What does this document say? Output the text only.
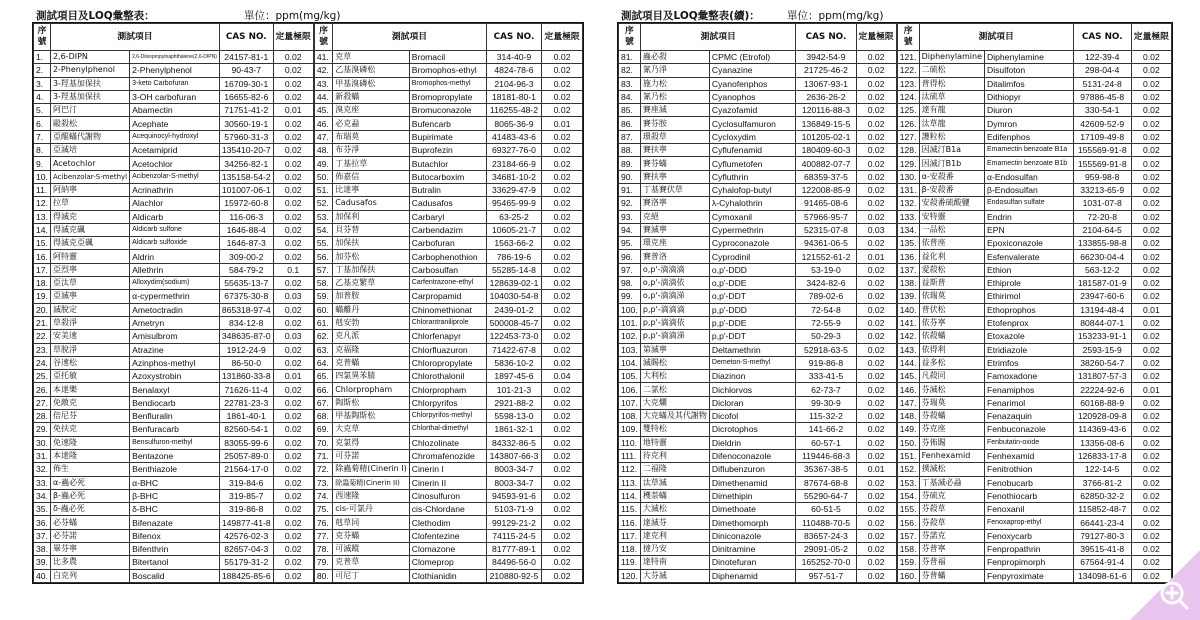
測試項目及LOQ彙整表：	單位：ppm(mg/kg)
序號	測試項目		CAS NO.	定量極限
1.	2,6-DIPN	2,6-Diisopropylnaphthalene(2,6-DIPN)	24157-81-1	0.02
2.	2-Phenylphenol	2-Phenylphenol	90-43-7	0.02
3.	3-羥基加保扶	3-keto Carbofuran	16709-30-1	0.02
4.	3-羥基加保扶	3-OH carbofuran	16655-82-6	0.02
5.	阿巴汀	Abamectin	71751-41-2	0.01
6.	毆殺松	Acephate	30560-19-1	0.02
7.	亞醌蟎代謝物	Acequinocyl-hydroxyl	57960-31-3	0.02
8.	亞滅培	Acetamiprid	135410-20-7	0.02
9.	Acetochlor	Acetochlor	34256-82-1	0.02
10.	Acibenzolar-S-methyl	Acibenzolar-S-methyl	135158-54-2	0.02
11.	阿納寧	Acrinathrin	101007-06-1	0.02
12.	拉草	Alachlor	15972-60-8	0.02
13.	得滅克	Aldicarb	116-06-3	0.02
14.	得滅克碸	Aldicarb sulfone	1646-88-4	0.02
15.	得滅克亞碸	Aldicarb sulfoxide	1646-87-3	0.02
16.	阿特靈	Aldrin	309-00-2	0.02
17.	亞烈寧	Allethrin	584-79-2	0.1
18.	亞汰草	Alloxydim(sodium)	55635-13-7	0.02
19.	亞滅寧	α-cypermethrin	67375-30-8	0.03
20.	滅脫定	Ametoctradin	865318-97-4	0.02
21.	草殺淨	Ametryn	834-12-8	0.02
22.	安美速	Amisulbrom	348635-87-0	0.03
23.	草脫淨	Atrazine	1912-24-9	0.02
24.	谷速松	Azinphos-methyl	86-50-0	0.02
25.	亞托敏	Azoxystrobin	131860-33-8	0.01
26.	本達樂	Benalaxyl	71626-11-4	0.02
27.	免敵克	Bendiocarb	22781-23-3	0.02
28.	倍尼芬	Benfluralin	1861-40-1	0.02
29.	免扶克	Benfuracarb	82560-54-1	0.02
30.	免速隆	Bensulfuron-methyl	83055-99-6	0.02
31.	本達隆	Bentazone	25057-89-0	0.02
32.	佈生	Benthiazole	21564-17-0	0.02
33.	α-蟲必死	α-BHC	319-84-6	0.02
34.	β-蟲必死	β-BHC	319-85-7	0.02
35.	δ-蟲必死	δ-BHC	319-86-8	0.02
36.	必芬蟎	Bifenazate	149877-41-8	0.02
37.	必芬諾	Bifenox	42576-02-3	0.02
38.	畢芬寧	Bifenthrin	82657-04-3	0.02
39.	比多農	Bitertanol	55179-31-2	0.02
40.	白克列	Boscalid	188425-85-6	0.02
序號	測試項目		CAS NO.	定量極限
41.	克草	Bromacil	314-40-9	0.02
42.	乙基溴磷松	Bromophos-ethyl	4824-78-6	0.02
43.	甲基溴磷松	Bromophos-methyl	2104-96-3	0.02
44.	新殺蟎	Bromopropylate	18181-80-1	0.02
45.	溴克座	Bromuconazole	116255-48-2	0.02
46.	必克蝨	Bufencarb	8065-36-9	0.01
47.	布瑞莫	Bupirimate	41483-43-6	0.02
48.	布芬淨	Buprofezin	69327-76-0	0.02
49.	丁基拉草	Butachlor	23184-66-9	0.02
50.	佈嘉信	Butocarboxim	34681-10-2	0.02
51.	比達寧	Butralin	33629-47-9	0.02
52.	Cadusafos	Cadusafos	95465-99-9	0.02
53.	加保利	Carbaryl	63-25-2	0.02
54.	貝芬替	Carbendazim	10605-21-7	0.02
55.	加保扶	Carbofuran	1563-66-2	0.02
56.	加芬松	Carbophenothion	786-19-6	0.02
57.	丁基加保扶	Carbosulfan	55285-14-8	0.02
58.	乙基克繁草	Carfentrazone-ethyl	128639-02-1	0.02
59.	加普胺	Carpropamid	104030-54-8	0.02
60.	蟎離丹	Chinomethionat	2439-01-2	0.02
61.	剋安勃	Chlorantraniliprole	500008-45-7	0.02
62.	克凡派	Chlorfenapyr	122453-73-0	0.02
63.	克福隆	Chlorfluazuron	71422-67-8	0.02
64.	克普蟎	Chloropropylate	5836-10-2	0.02
65.	四氯異苯腈	Chlorothalonil	1897-45-6	0.04
66.	Chlorpropham	Chlorpropham	101-21-3	0.02
67.	陶斯松	Chlorpyrifos	2921-88-2	0.02
68.	甲基陶斯松	Chlorpyrifos-methyl	5598-13-0	0.02
69.	大克草	Chlorthal-dimethyl	1861-32-1	0.02
70.	克氯得	Chlozolinate	84332-86-5	0.02
71.	可芬諾	Chromafenozide	143807-66-3	0.02
72.	除蟲菊精(Cinerin I)	Cinerin I	8003-34-7	0.02
73.	除蟲菊精(Cinerin II)	Cinerin II	8003-34-7	0.02
74.	西速隆	Cinosulfuron	94593-91-6	0.02
75.	cis-可氯丹	cis-Chlordane	5103-71-9	0.02
76.	剋草同	Clethodim	99129-21-2	0.02
77.	克芬蟎	Clofentezine	74115-24-5	0.02
78.	可滅蹤	Clomazone	81777-89-1	0.02
79.	克普草	Clomeprop	84496-56-0	0.02
80.	可尼丁	Clothianidin	210880-92-5	0.02
測試項目及LOQ彙整表(續)：	單位：ppm(mg/kg)
序號	測試項目		CAS NO.	定量極限
81.	蟲必殺	CPMC (Etrofol)	3942-54-9	0.02
82.	氰乃淨	Cyanazine	21725-46-2	0.02
83.	施力松	Cyanofenphos	13067-93-1	0.02
84.	氰乃松	Cyanophos	2636-26-2	0.02
85.	賽座滅	Cyazofamid	120116-88-3	0.02
86.	賽芬胺	Cyclosulfamuron	136849-15-5	0.02
87.	環殺草	Cycloxydim	101205-02-1	0.02
88.	賽扶寧	Cyflufenamid	180409-60-3	0.02
89.	賽芬蟎	Cyflumetofen	400882-07-7	0.02
90.	賽扶寧	Cyfluthrin	68359-37-5	0.02
91.	丁基賽伏草	Cyhalofop-butyl	122008-85-9	0.02
92.	賽洛寧	λ-Cyhalothrin	91465-08-6	0.02
93.	克絕	Cymoxanil	57966-95-7	0.02
94.	賽滅寧	Cypermethrin	52315-07-8	0.03
95.	環克座	Cyproconazole	94361-06-5	0.02
96.	賽普洛	Cyprodinil	121552-61-2	0.01
97.	o,p'-滴滴滴	o,p'-DDD	53-19-0	0.02
98.	o,p'-滴滴依	o,p'-DDE	3424-82-6	0.02
99.	o,p'-滴滴涕	o,p'-DDT	789-02-6	0.02
100.	p,p'-滴滴滴	p,p'-DDD	72-54-8	0.02
101.	p,p'-滴滴依	p,p'-DDE	72-55-9	0.02
102.	p,p'-滴滴涕	p,p'-DDT	50-29-3	0.02
103.	第滅寧	Deltamethrin	52918-63-5	0.02
104.	滅賜松	Demeton-S-methyl	919-86-8	0.02
105.	大利松	Diazinon	333-41-5	0.02
106.	二氯松	Dichlorvos	62-73-7	0.02
107.	大克爛	Dicloran	99-30-9	0.02
108.	大克蟎及其代謝物	Dicofol	115-32-2	0.02
109.	雙特松	Dicrotophos	141-66-2	0.02
110.	地特靈	Dieldrin	60-57-1	0.02
111.	待克利	Difenoconazole	119446-68-3	0.02
112.	二福隆	Diflubenzuron	35367-38-5	0.01
113.	汰草滅	Dimethenamid	87674-68-8	0.02
114.	穫萘蟎	Dimethipin	55290-64-7	0.02
115.	大滅松	Dimethoate	60-51-5	0.02
116.	達滅芬	Dimethomorph	110488-70-5	0.02
117.	達克利	Diniconazole	83657-24-3	0.02
118.	撻乃安	Dinitramine	29091-05-2	0.02
119.	達特南	Dinotefuran	165252-70-0	0.02
120.	大芬滅	Diphenamid	957-51-7	0.02
序號	測試項目		CAS NO.	定量極限
121.	Diphenylamine	Diphenylamine	122-39-4	0.02
122.	二硫松	Disulfoton	298-04-4	0.02
123.	普得松	Ditalimfos	5131-24-8	0.02
124.	汰硫草	Dithiopyr	97886-45-8	0.02
125.	達有龍	Diuron	330-54-1	0.02
126.	汰草龍	Dymron	42609-52-9	0.02
127.	護粒松	Edifenphos	17109-49-8	0.02
128.	因滅汀B1a	Emamectin benzoate B1a	155569-91-8	0.02
129.	因滅汀B1b	Emamectin benzoate B1b	155569-91-8	0.02
130.	α-安殺番	α-Endosulfan	959-98-8	0.02
131.	β-安殺番	β-Endosulfan	33213-65-9	0.02
132.	安殺番硫酸鹽	Endosulfan sulfate	1031-07-8	0.02
133.	安特靈	Endrin	72-20-8	0.02
134.	一品松	EPN	2104-64-5	0.02
135.	依普座	Epoxiconazole	133855-98-8	0.02
136.	益化利	Esfenvalerate	66230-04-4	0.02
137.	愛殺松	Ethion	563-12-2	0.02
138.	益斯普	Ethiprole	181587-01-9	0.02
139.	依瑞莫	Ethirimol	23947-60-6	0.02
140.	普伏松	Ethoprophos	13194-48-4	0.01
141.	依芬寧	Etofenprox	80844-07-1	0.02
142.	依殺蟎	Etoxazole	153233-91-1	0.02
143.	依得利	Etridiazole	2593-15-9	0.02
144.	益多松	Etrimfos	38260-54-7	0.02
145.	凡殺同	Famoxadone	131807-57-3	0.02
146.	芬滅松	Fenamiphos	22224-92-6	0.01
147.	芬瑞莫	Fenarimol	60168-88-9	0.02
148.	芬殺蟎	Fenazaquin	120928-09-8	0.02
149.	芬克座	Fenbuconazole	114369-43-6	0.02
150.	芬佈賜	Fenbutatin-oxide	13356-08-6	0.02
151.	Fenhexamid	Fenhexamid	126833-17-8	0.02
152.	撲滅松	Fenitrothion	122-14-5	0.02
153.	丁基滅必蝨	Fenobucarb	3766-81-2	0.02
154.	芬硫克	Fenothiocarb	62850-32-2	0.02
155.	芬殺草	Fenoxanil	115852-48-7	0.02
156.	芬殺草	Fenoxaprop-ethyl	66441-23-4	0.02
157.	芬諾克	Fenoxycarb	79127-80-3	0.02
158.	芬普寧	Fenpropathrin	39515-41-8	0.02
159.	芬普福	Fenpropimorph	67564-91-4	0.02
160.	芬普蟎	Fenpyroximate	134098-61-6	0.02
